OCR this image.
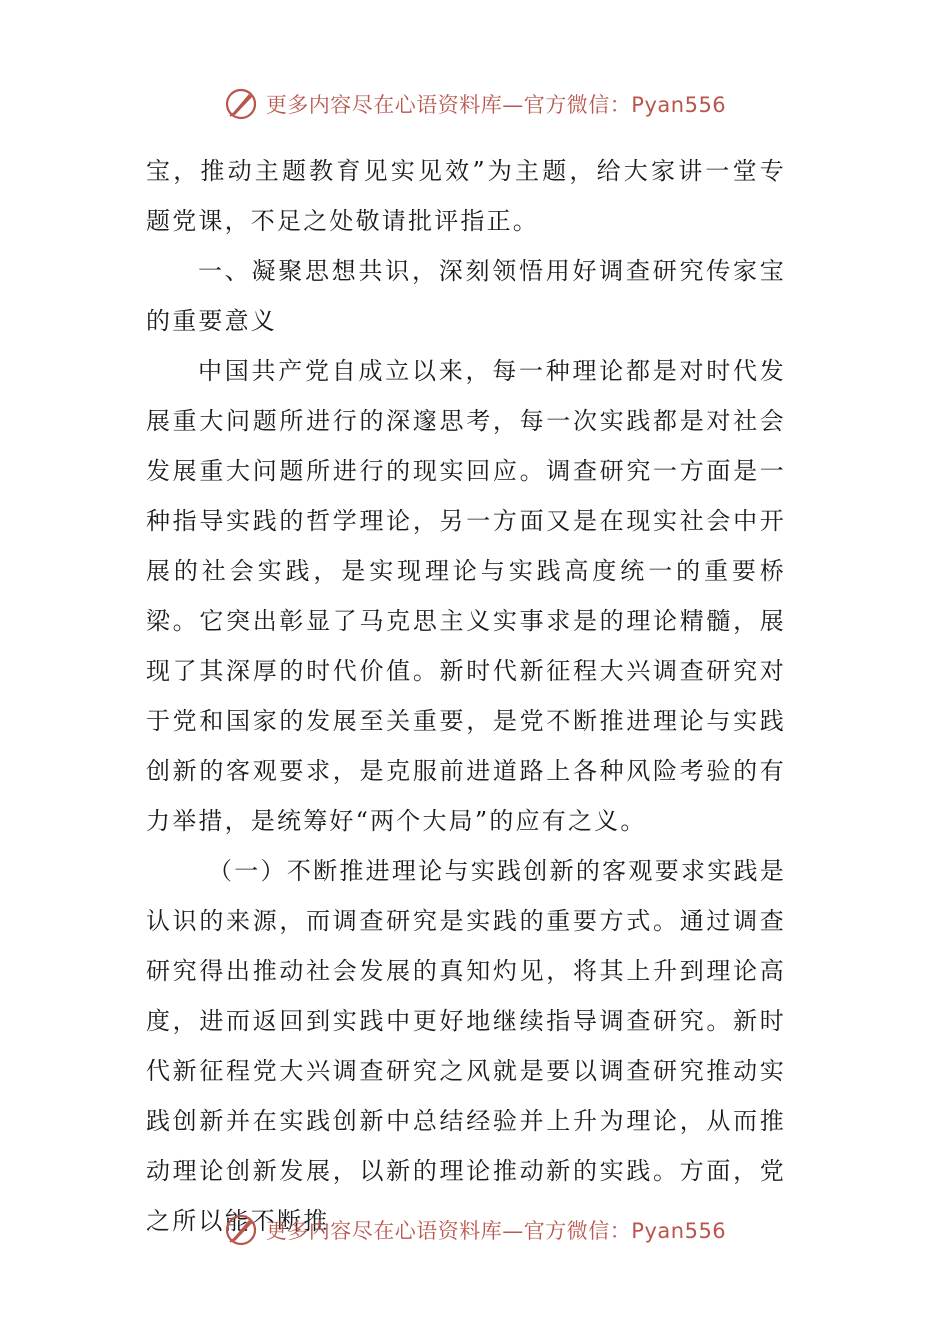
更多内容尽在心语资料库—官方微信：Pyan556

宝，推动主题教育见实见效”为主题，给大家讲一堂专题党课，不足之处敬请批评指正。

一、凝聚思想共识，深刻领悟用好调查研究传家宝的重要意义

中国共产党自成立以来，每一种理论都是对时代发展重大问题所进行的深邃思考，每一次实践都是对社会发展重大问题所进行的现实回应。调查研究一方面是一种指导实践的哲学理论，另一方面又是在现实社会中开展的社会实践，是实现理论与实践高度统一的重要桥梁。它突出彰显了马克思主义实事求是的理论精髓，展现了其深厚的时代价值。新时代新征程大兴调查研究对于党和国家的发展至关重要，是党不断推进理论与实践创新的客观要求，是克服前进道路上各种风险考验的有力举措，是统筹好“两个大局”的应有之义。

（一）不断推进理论与实践创新的客观要求实践是认识的来源，而调查研究是实践的重要方式。通过调查研究得出推动社会发展的真知灼见，将其上升到理论高度，进而返回到实践中更好地继续指导调查研究。新时代新征程党大兴调查研究之风就是要以调查研究推动实践创新并在实践创新中总结经验并上升为理论，从而推动理论创新发展，以新的理论推动新的实践。方面，党之所以能不断推

更多内容尽在心语资料库—官方微信：Pyan556
